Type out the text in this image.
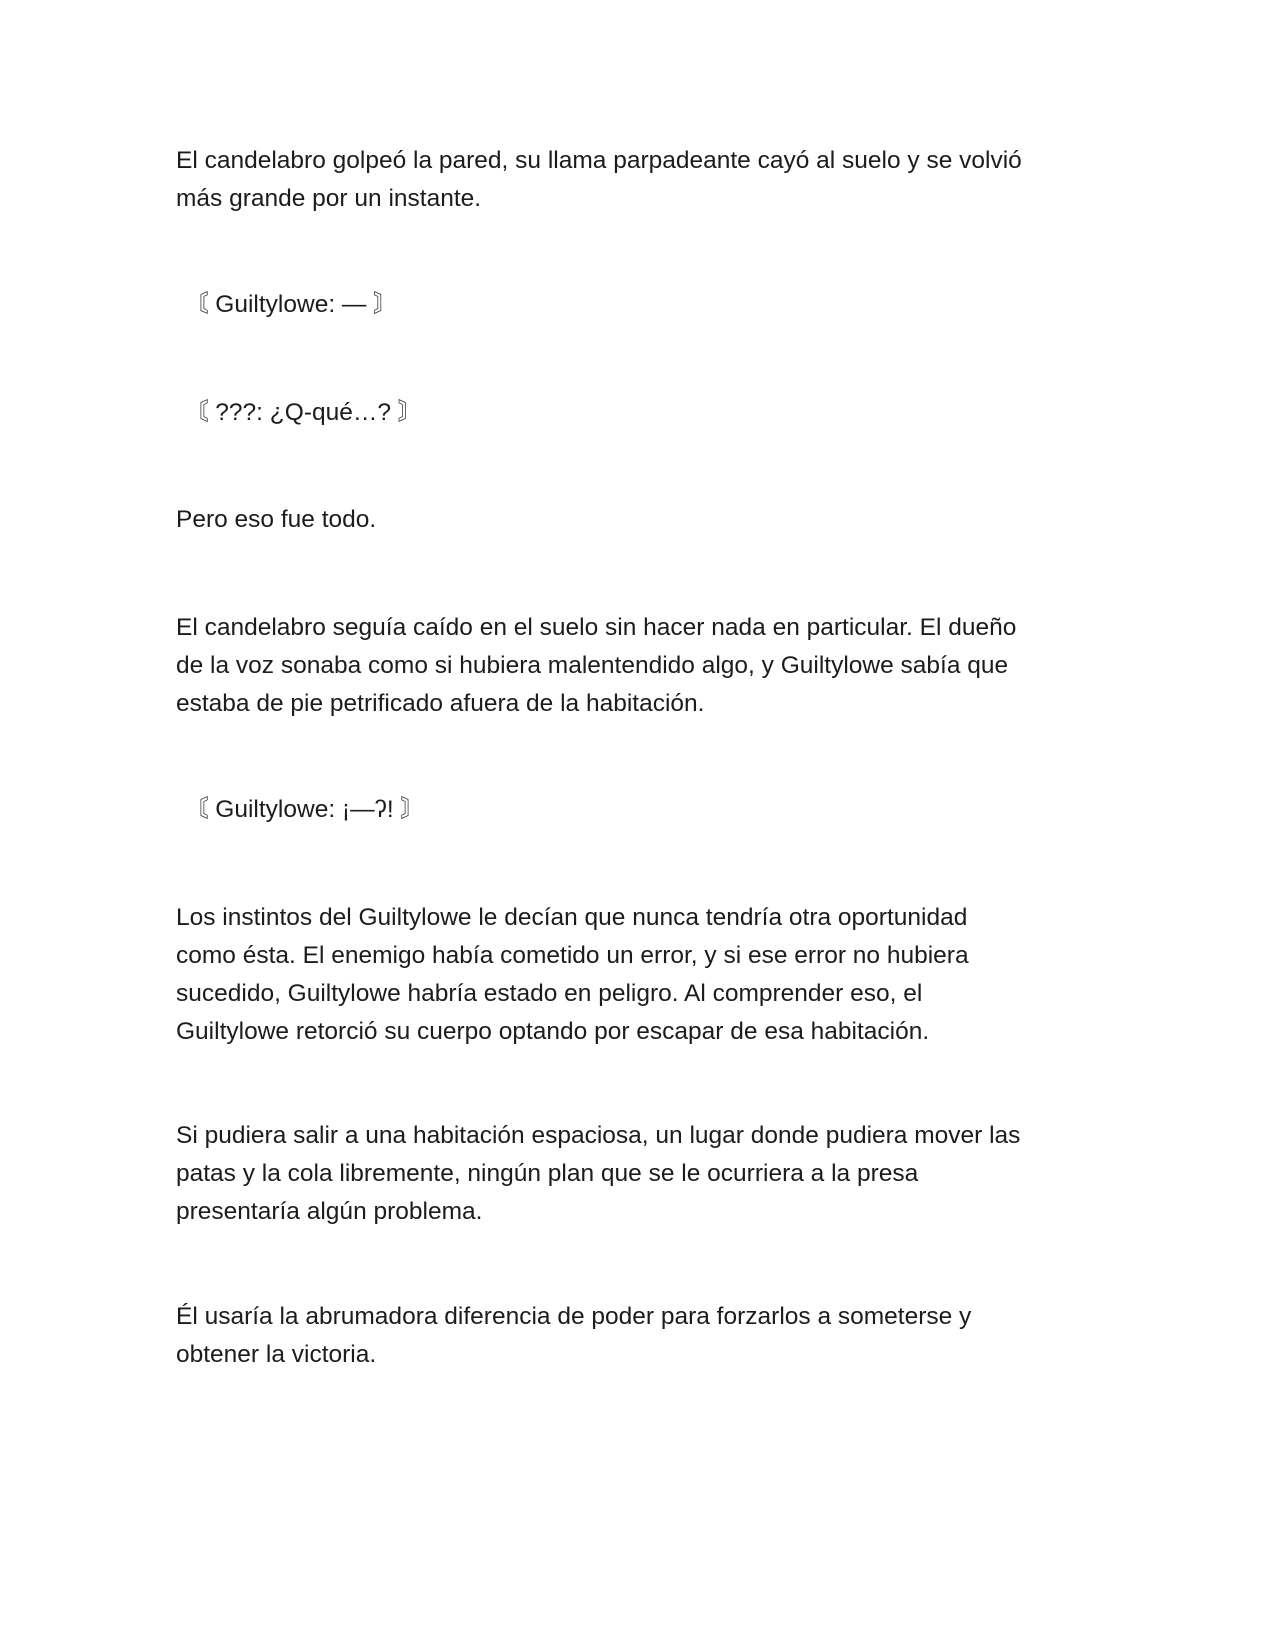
El candelabro golpeó la pared, su llama parpadeante cayó al suelo y se volvió
más grande por un instante.

〘 Guiltylowe: — 〙

〘 ???: ¿Q-qué…? 〙

Pero eso fue todo.

El candelabro seguía caído en el suelo sin hacer nada en particular. El dueño
de la voz sonaba como si hubiera malentendido algo, y Guiltylowe sabía que
estaba de pie petrificado afuera de la habitación.

〘 Guiltylowe: ¡—ʔ! 〙

Los instintos del Guiltylowe le decían que nunca tendría otra oportunidad
como ésta. El enemigo había cometido un error, y si ese error no hubiera
sucedido, Guiltylowe habría estado en peligro. Al comprender eso, el
Guiltylowe retorció su cuerpo optando por escapar de esa habitación.

Si pudiera salir a una habitación espaciosa, un lugar donde pudiera mover las
patas y la cola libremente, ningún plan que se le ocurriera a la presa
presentaría algún problema.

Él usaría la abrumadora diferencia de poder para forzarlos a someterse y
obtener la victoria.
